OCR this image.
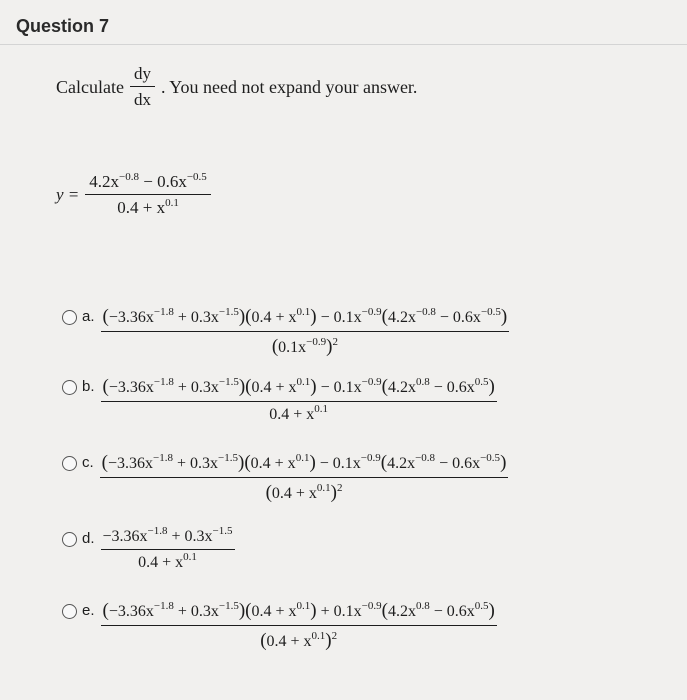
Question 7
Calculate $\frac{dy}{dx}$ . You need not expand your answer.
$y = \frac{4.2x^{-0.8} - 0.6x^{-0.5}}{0.4 + x^{0.1}}$
a. $(-3.36x^{-1.8} + 0.3x^{-1.5})(0.4 + x^{0.1}) - 0.1x^{-0.9}(4.2x^{-0.8} - 0.6x^{-0.5})$
$(0.1x^{-0.9})^2$
b. $(-3.36x^{-1.8} + 0.3x^{-1.5})(0.4 + x^{0.1}) - 0.1x^{-0.9}(4.2x^{0.8} - 0.6x^{0.5})$
$0.4 + x^{0.1}$
c. $(-3.36x^{-1.8} + 0.3x^{-1.5})(0.4 + x^{0.1}) - 0.1x^{-0.9}(4.2x^{-0.8} - 0.6x^{-0.5})$
$(0.4 + x^{0.1})^2$
d. $\frac{-3.36x^{-1.8} + 0.3x^{-1.5}}{0.4 + x^{0.1}}$
e. $(-3.36x^{-1.8} + 0.3x^{-1.5})(0.4 + x^{0.1}) + 0.1x^{-0.9}(4.2x^{0.8} - 0.6x^{0.5})$
$(0.4 + x^{0.1})^2$
